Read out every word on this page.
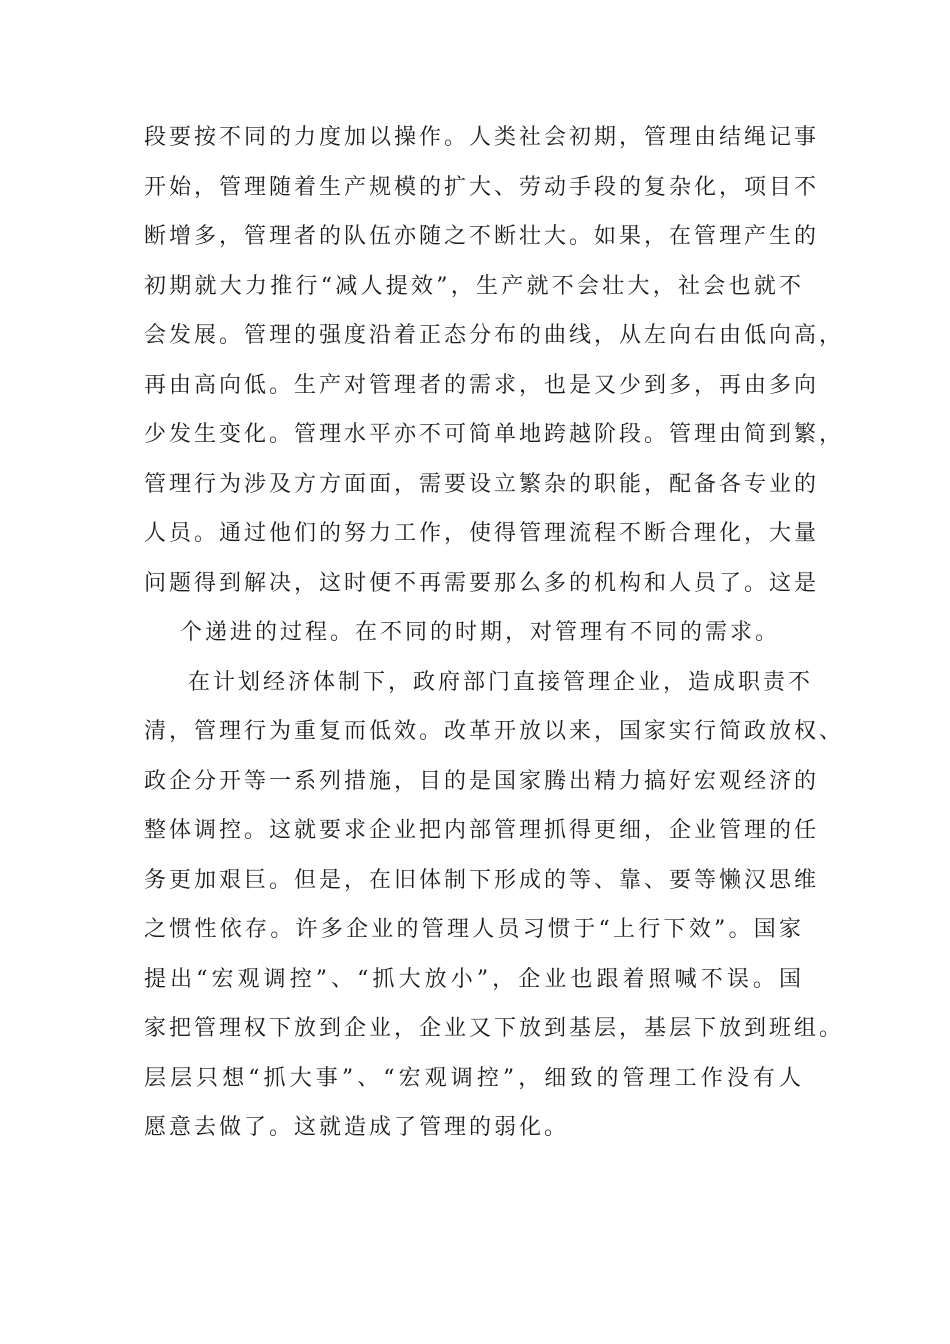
段要按不同的力度加以操作。人类社会初期，管理由结绳记事
开始，管理随着生产规模的扩大、劳动手段的复杂化，项目不
断增多，管理者的队伍亦随之不断壮大。如果，在管理产生的
初期就大力推行“减人提效”，生产就不会壮大，社会也就不
会发展。管理的强度沿着正态分布的曲线，从左向右由低向高，
再由高向低。生产对管理者的需求，也是又少到多，再由多向
少发生变化。管理水平亦不可简单地跨越阶段。管理由简到繁，
管理行为涉及方方面面，需要设立繁杂的职能，配备各专业的
人员。通过他们的努力工作，使得管理流程不断合理化，大量
问题得到解决，这时便不再需要那么多的机构和人员了。这是
个递进的过程。在不同的时期，对管理有不同的需求。
在计划经济体制下，政府部门直接管理企业，造成职责不
清，管理行为重复而低效。改革开放以来，国家实行简政放权、
政企分开等一系列措施，目的是国家腾出精力搞好宏观经济的
整体调控。这就要求企业把内部管理抓得更细，企业管理的任
务更加艰巨。但是，在旧体制下形成的等、靠、要等懒汉思维
之惯性依存。许多企业的管理人员习惯于“上行下效”。国家
提出“宏观调控”、“抓大放小”，企业也跟着照喊不误。国
家把管理权下放到企业，企业又下放到基层，基层下放到班组。
层层只想“抓大事”、“宏观调控”，细致的管理工作没有人
愿意去做了。这就造成了管理的弱化。
